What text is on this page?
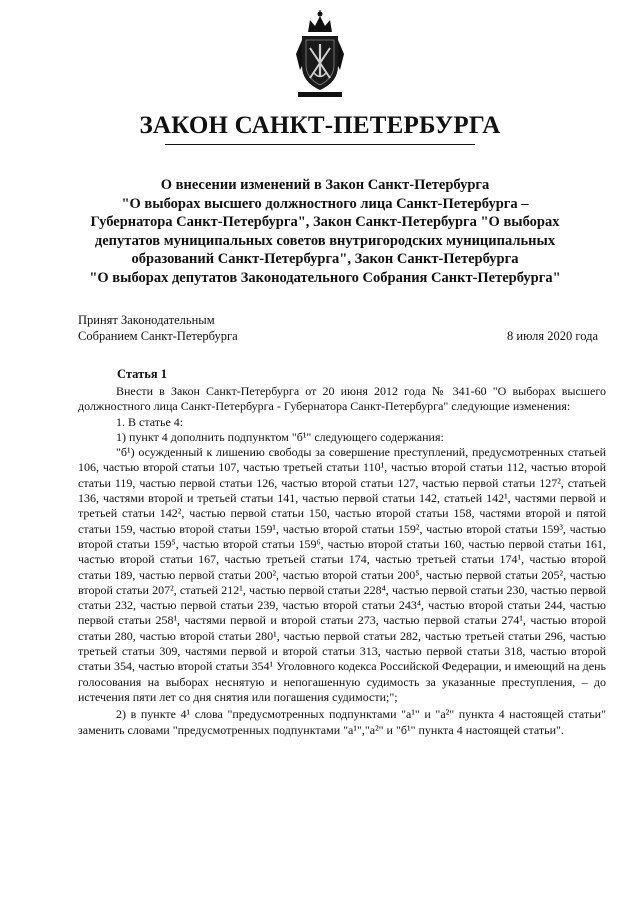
ЗАКОН САНКТ-ПЕТЕРБУРГА
О внесении изменений в Закон Санкт-Петербурга
"О выборах высшего должностного лица Санкт-Петербурга –
Губернатора Санкт-Петербурга", Закон Санкт-Петербурга "О выборах
депутатов муниципальных советов внутригородских муниципальных
образований Санкт-Петербурга", Закон Санкт-Петербурга
"О выборах депутатов Законодательного Собрания Санкт-Петербурга"
Принят Законодательным
Собранием Санкт-Петербурга	8 июля 2020 года
Статья 1

Внести в Закон Санкт-Петербурга от 20 июня 2012 года № 341-60 "О выборах высшего должностного лица Санкт-Петербурга - Губернатора Санкт-Петербурга" следующие изменения:

1. В статье 4:

1) пункт 4 дополнить подпунктом "б¹" следующего содержания:

"б¹) осужденный к лишению свободы за совершение преступлений, предусмотренных статьей 106, частью второй статьи 107, частью третьей статьи 110¹, частью второй статьи 112, частью второй статьи 119, частью первой статьи 126, частью второй статьи 127, частью первой статьи 127², статьей 136, частями второй и третьей статьи 141, частью первой статьи 142, статьей 142¹, частями первой и третьей статьи 142², частью первой статьи 150, частью второй статьи 158, частями второй и пятой статьи 159, частью второй статьи 159¹, частью второй статьи 159², частью второй статьи 159³, частью второй статьи 159⁵, частью второй статьи 159⁶, частью второй статьи 160, частью первой статьи 161, частью второй статьи 167, частью третьей статьи 174, частью третьей статьи 174¹, частью второй статьи 189, частью первой статьи 200², частью второй статьи 200⁵, частью первой статьи 205², частью второй статьи 207², статьей 212¹, частью первой статьи 228⁴, частью первой статьи 230, частью первой статьи 232, частью первой статьи 239, частью второй статьи 243⁴, частью второй статьи 244, частью первой статьи 258¹, частями первой и второй статьи 273, частью первой статьи 274¹, частью второй статьи 280, частью второй статьи 280¹, частью первой статьи 282, частью третьей статьи 296, частью третьей статьи 309, частями первой и второй статьи 313, частью первой статьи 318, частью второй статьи 354, частью второй статьи 354¹ Уголовного кодекса Российской Федерации, и имеющий на день голосования на выборах неснятую и непогашенную судимость за указанные преступления, – до истечения пяти лет со дня снятия или погашения судимости;";

2) в пункте 4¹ слова "предусмотренных подпунктами "а¹" и "а²" пункта 4 настоящей статьи" заменить словами "предусмотренных подпунктами "а¹","а²" и "б¹" пункта 4 настоящей статьи".
